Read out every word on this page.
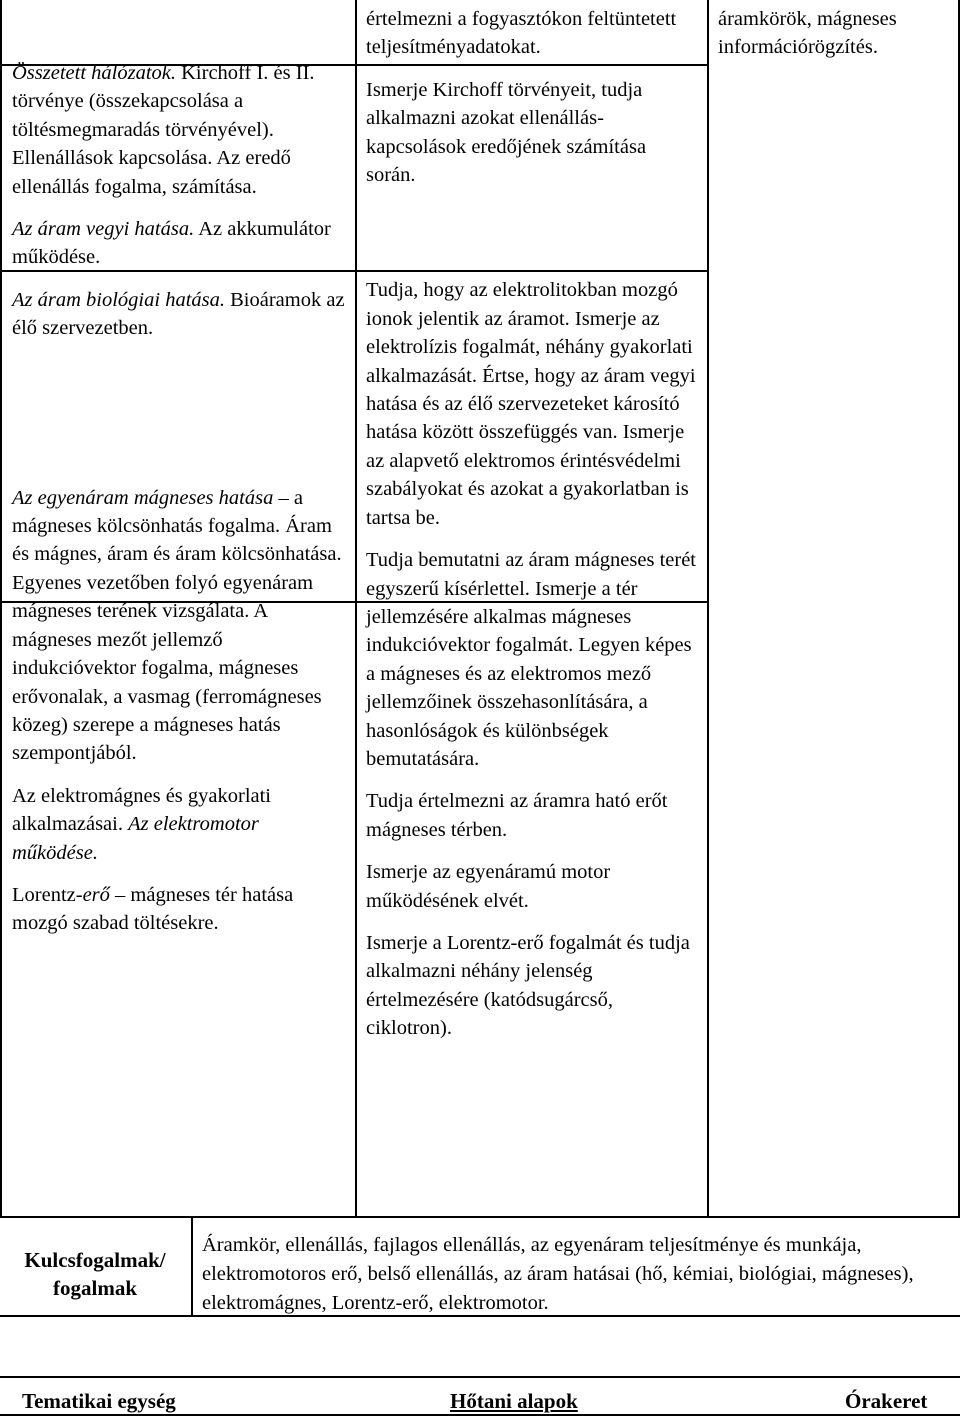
Összetett hálózatok. Kirchoff I. és II. törvénye (összekapcsolása a töltésmegmaradás törvényével). Ellenállások kapcsolása. Az eredő ellenállás fogalma, számítása.

Az áram vegyi hatása. Az akkumulátor működése.

Az áram biológiai hatása. Bioáramok az élő szervezetben.

Az egyenáram mágneses hatása – a mágneses kölcsönhatás fogalma. Áram és mágnes, áram és áram kölcsönhatása. Egyenes vezetőben folyó egyenáram mágneses terének vizsgálata. A mágneses mezőt jellemző indukcióvektor fogalma, mágneses erővonalak, a vasmag (ferromágneses közeg) szerepe a mágneses hatás szempontjából.

Az elektromágnes és gyakorlati alkalmazásai. Az elektromotor működése.

Lorentz-erő – mágneses tér hatása mozgó szabad töltésekre.

értelmezni a fogyasztókon feltüntetett teljesítményadatokat.

Ismerje Kirchoff törvényeit, tudja alkalmazni azokat ellenállás-kapcsolások eredőjének számítása során.

Tudja, hogy az elektrolitokban mozgó ionok jelentik az áramot. Ismerje az elektrolízis fogalmát, néhány gyakorlati alkalmazását. Értse, hogy az áram vegyi hatása és az élő szervezeteket károsító hatása között összefüggés van. Ismerje az alapvető elektromos érintésvédelmi szabályokat és azokat a gyakorlatban is tartsa be.

Tudja bemutatni az áram mágneses terét egyszerű kísérlettel. Ismerje a tér jellemzésére alkalmas mágneses indukcióvektor fogalmát. Legyen képes a mágneses és az elektromos mező jellemzőinek összehasonlítására, a hasonlóságok és különbségek bemutatására.

Tudja értelmezni az áramra ható erőt mágneses térben.

Ismerje az egyenáramú motor működésének elvét.

Ismerje a Lorentz-erő fogalmát és tudja alkalmazni néhány jelenség értelmezésére (katódsugárcső, ciklotron).

áramkörök, mágneses információrögzítés.

Kulcsfogalmak/ fogalmak
Áramkör, ellenállás, fajlagos ellenállás, az egyenáram teljesítménye és munkája, elektromotoros erő, belső ellenállás, az áram hatásai (hő, kémiai, biológiai, mágneses), elektromágnes, Lorentz-erő, elektromotor.
Tematikai egység	Hőtani alapok	Órakeret
